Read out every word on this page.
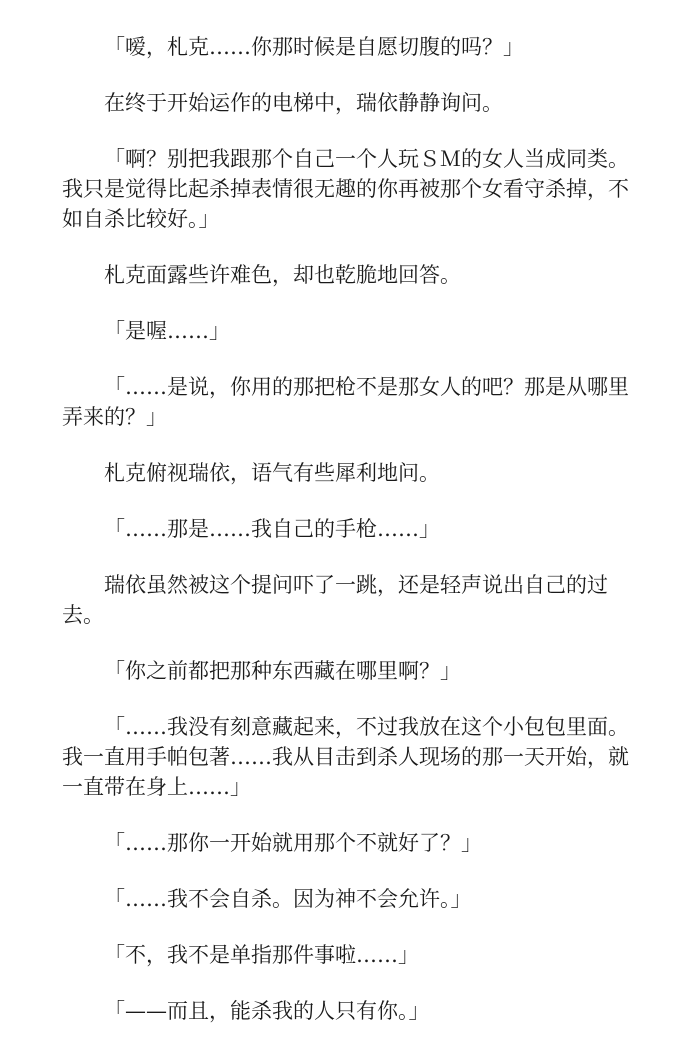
「嗳，札克……你那时候是自愿切腹的吗？」

在终于开始运作的电梯中，瑞依静静询问。

「啊？别把我跟那个自己一个人玩ＳＭ的女人当成同类。我只是觉得比起杀掉表情很无趣的你再被那个女看守杀掉，不如自杀比较好。」

札克面露些许难色，却也乾脆地回答。

「是喔……」

「……是说，你用的那把枪不是那女人的吧？那是从哪里弄来的？」

札克俯视瑞依，语气有些犀利地问。

「……那是……我自己的手枪……」

瑞依虽然被这个提问吓了一跳，还是轻声说出自己的过去。

「你之前都把那种东西藏在哪里啊？」

「……我没有刻意藏起来，不过我放在这个小包包里面。我一直用手帕包著……我从目击到杀人现场的那一天开始，就一直带在身上……」

「……那你一开始就用那个不就好了？」

「……我不会自杀。因为神不会允许。」

「不，我不是单指那件事啦……」

「——而且，能杀我的人只有你。」
